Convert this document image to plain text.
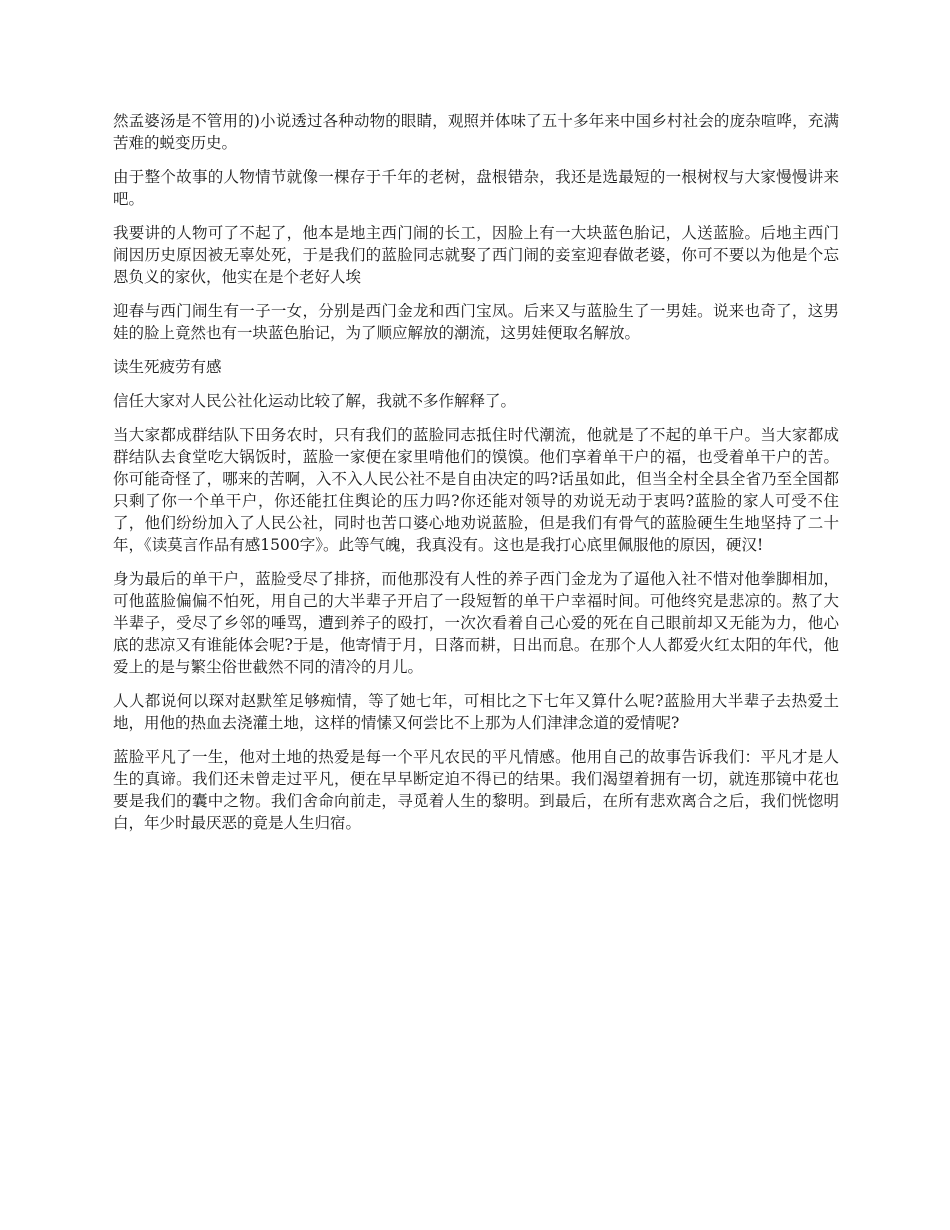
然孟婆汤是不管用的)小说透过各种动物的眼睛，观照并体味了五十多年来中国乡村社会的庞杂喧哗，充满苦难的蜕变历史。

由于整个故事的人物情节就像一棵存于千年的老树，盘根错杂，我还是选最短的一根树杈与大家慢慢讲来吧。

我要讲的人物可了不起了，他本是地主西门闹的长工，因脸上有一大块蓝色胎记，人送蓝脸。后地主西门闹因历史原因被无辜处死，于是我们的蓝脸同志就娶了西门闹的妾室迎春做老婆，你可不要以为他是个忘恩负义的家伙，他实在是个老好人埃

迎春与西门闹生有一子一女，分别是西门金龙和西门宝凤。后来又与蓝脸生了一男娃。说来也奇了，这男娃的脸上竟然也有一块蓝色胎记，为了顺应解放的潮流，这男娃便取名解放。

读生死疲劳有感

信任大家对人民公社化运动比较了解，我就不多作解释了。

当大家都成群结队下田务农时，只有我们的蓝脸同志抵住时代潮流，他就是了不起的单干户。当大家都成群结队去食堂吃大锅饭时，蓝脸一家便在家里啃他们的馍馍。他们享着单干户的福，也受着单干户的苦。你可能奇怪了，哪来的苦啊，入不入人民公社不是自由决定的吗?话虽如此，但当全村全县全省乃至全国都只剩了你一个单干户，你还能扛住舆论的压力吗?你还能对领导的劝说无动于衷吗?蓝脸的家人可受不住了，他们纷纷加入了人民公社，同时也苦口婆心地劝说蓝脸，但是我们有骨气的蓝脸硬生生地坚持了二十年，《读莫言作品有感1500字》。此等气魄，我真没有。这也是我打心底里佩服他的原因，硬汉!

身为最后的单干户，蓝脸受尽了排挤，而他那没有人性的养子西门金龙为了逼他入社不惜对他拳脚相加，可他蓝脸偏偏不怕死，用自己的大半辈子开启了一段短暂的单干户幸福时间。可他终究是悲凉的。熬了大半辈子，受尽了乡邻的唾骂，遭到养子的殴打，一次次看着自己心爱的死在自己眼前却又无能为力，他心底的悲凉又有谁能体会呢?于是，他寄情于月，日落而耕，日出而息。在那个人人都爱火红太阳的年代，他爱上的是与繁尘俗世截然不同的清冷的月儿。

人人都说何以琛对赵默笙足够痴情，等了她七年，可相比之下七年又算什么呢?蓝脸用大半辈子去热爱土地，用他的热血去浇灌土地，这样的情愫又何尝比不上那为人们津津念道的爱情呢?

蓝脸平凡了一生，他对土地的热爱是每一个平凡农民的平凡情感。他用自己的故事告诉我们：平凡才是人生的真谛。我们还未曾走过平凡，便在早早断定迫不得已的结果。我们渴望着拥有一切，就连那镜中花也要是我们的囊中之物。我们舍命向前走，寻觅着人生的黎明。到最后，在所有悲欢离合之后，我们恍惚明白，年少时最厌恶的竟是人生归宿。
